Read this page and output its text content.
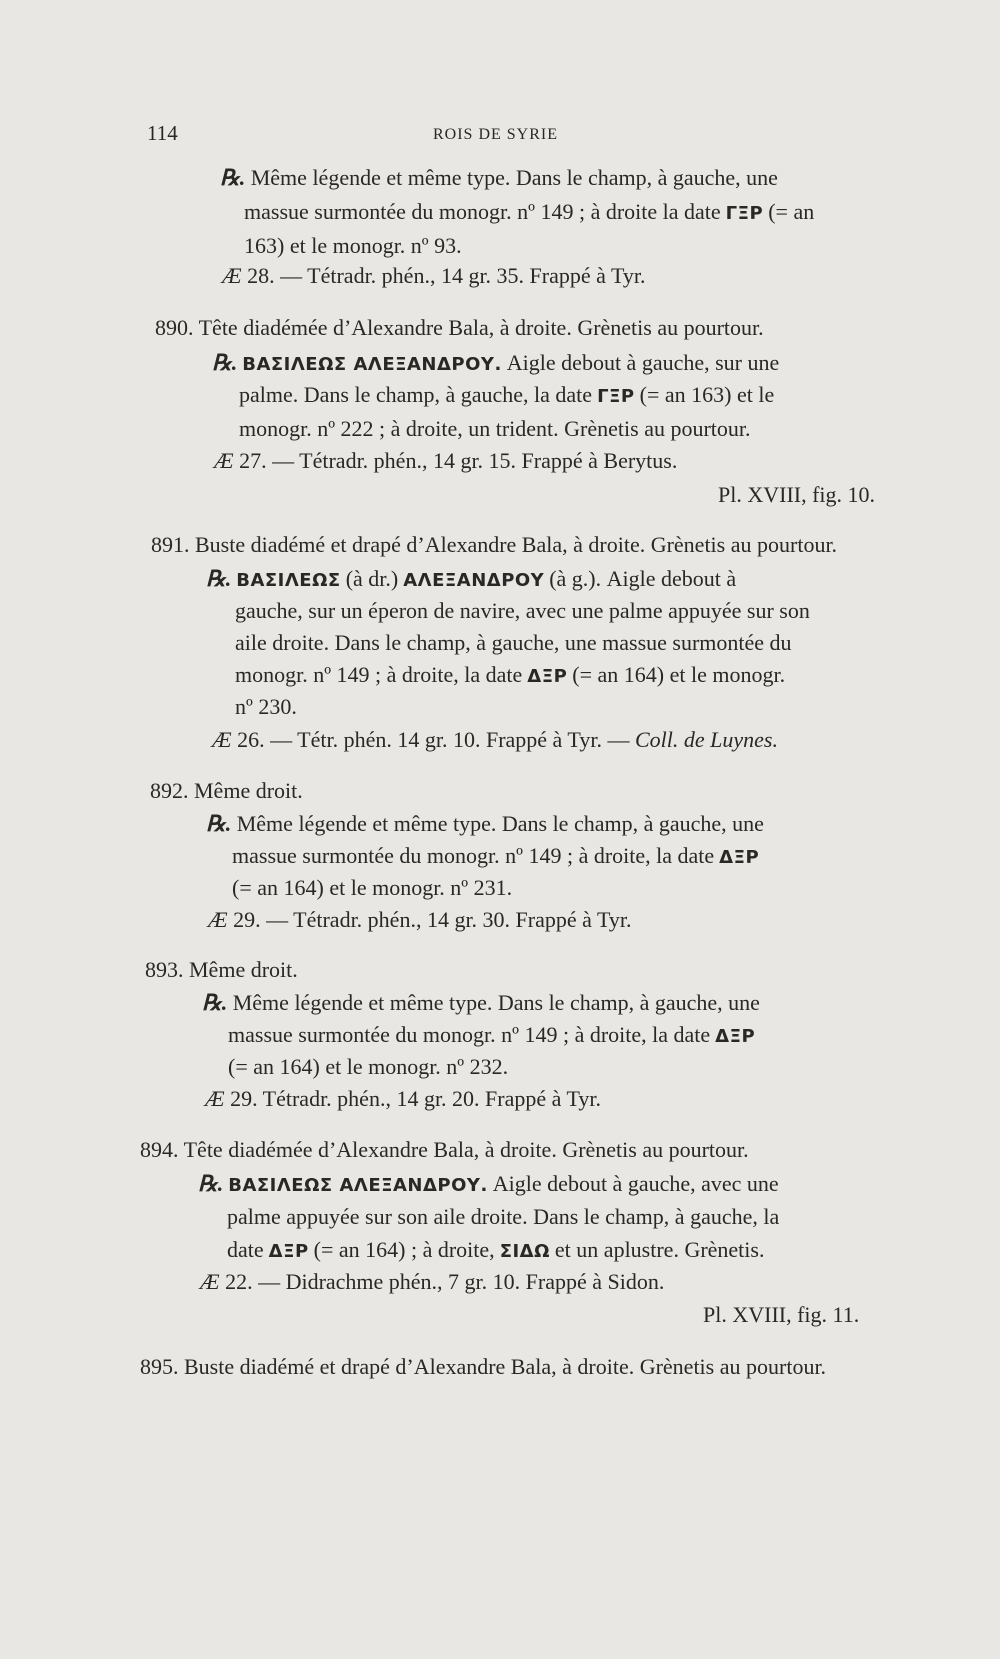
114	ROIS DE SYRIE
℞. Même légende et même type. Dans le champ, à gauche, une
massue surmontée du monogr. nº 149 ; à droite la date ΓΞΡ (= an
163) et le monogr. nº 93.
Æ 28. — Tétradr. phén., 14 gr. 35. Frappé à Tyr.
890. Tête diadémée d’Alexandre Bala, à droite. Grènetis au pourtour.
℞. ΒΑΣΙΛΕΩΣ ΑΛΕΞΑΝΔΡΟΥ. Aigle debout à gauche, sur une
palme. Dans le champ, à gauche, la date ΓΞΡ (= an 163) et le
monogr. nº 222 ; à droite, un trident. Grènetis au pourtour.
Æ 27. — Tétradr. phén., 14 gr. 15. Frappé à Berytus.
Pl. XVIII, fig. 10.
891. Buste diadémé et drapé d’Alexandre Bala, à droite. Grènetis au pourtour.
℞. ΒΑΣΙΛΕΩΣ (à dr.) ΑΛΕΞΑΝΔΡΟΥ (à g.). Aigle debout à
gauche, sur un éperon de navire, avec une palme appuyée sur son
aile droite. Dans le champ, à gauche, une massue surmontée du
monogr. nº 149 ; à droite, la date ΔΞΡ (= an 164) et le monogr.
nº 230.
Æ 26. — Tétr. phén. 14 gr. 10. Frappé à Tyr. — Coll. de Luynes.
892. Même droit.
℞. Même légende et même type. Dans le champ, à gauche, une
massue surmontée du monogr. nº 149 ; à droite, la date ΔΞΡ
(= an 164) et le monogr. nº 231.
Æ 29. — Tétradr. phén., 14 gr. 30. Frappé à Tyr.
893. Même droit.
℞. Même légende et même type. Dans le champ, à gauche, une
massue surmontée du monogr. nº 149 ; à droite, la date ΔΞΡ
(= an 164) et le monogr. nº 232.
Æ 29. Tétradr. phén., 14 gr. 20. Frappé à Tyr.
894. Tête diadémée d’Alexandre Bala, à droite. Grènetis au pourtour.
℞. ΒΑΣΙΛΕΩΣ ΑΛΕΞΑΝΔΡΟΥ. Aigle debout à gauche, avec une
palme appuyée sur son aile droite. Dans le champ, à gauche, la
date ΔΞΡ (= an 164) ; à droite, ΣΙΔΩ et un aplustre. Grènetis.
Æ 22. — Didrachme phén., 7 gr. 10. Frappé à Sidon.
Pl. XVIII, fig. 11.
895. Buste diadémé et drapé d’Alexandre Bala, à droite. Grènetis au pourtour.
